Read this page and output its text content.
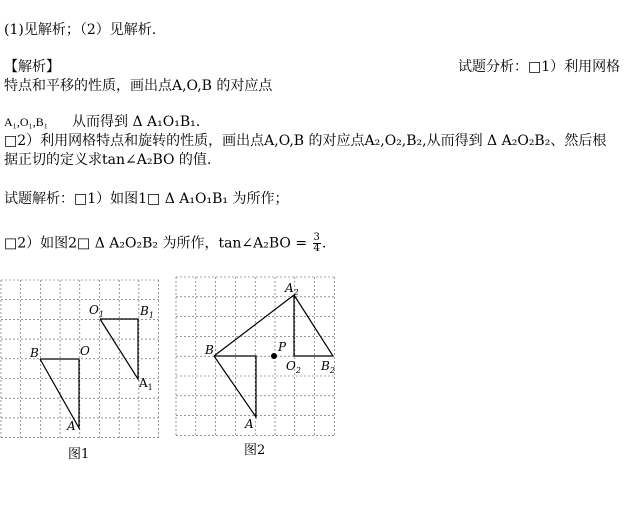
(1)见解析；（2）见解析.
【解析】	试题分析：□1）利用网格
特点和平移的性质，画出点A,O,B 的对应点
A₁,O₁,B₁ 从而得到 Δ A₁O₁B₁.
□2）利用网格特点和旋转的性质，画出点A,O,B 的对应点A₂,O₂,B₂,从而得到 Δ A₂O₂B₂、然后根
据正切的定义求tan∠A₂BO 的值.
试题解析：□1）如图1□ Δ A₁O₁B₁ 为所作；
□2）如图2□ Δ A₂O₂B₂ 为所作，tan∠A₂BO = $\frac{3}{4}$ .
$O_1$	$B_1$
B	O
$A_1$
A
图1
$A_2$
B	P
$O_2$ $B_2$
A
图2
